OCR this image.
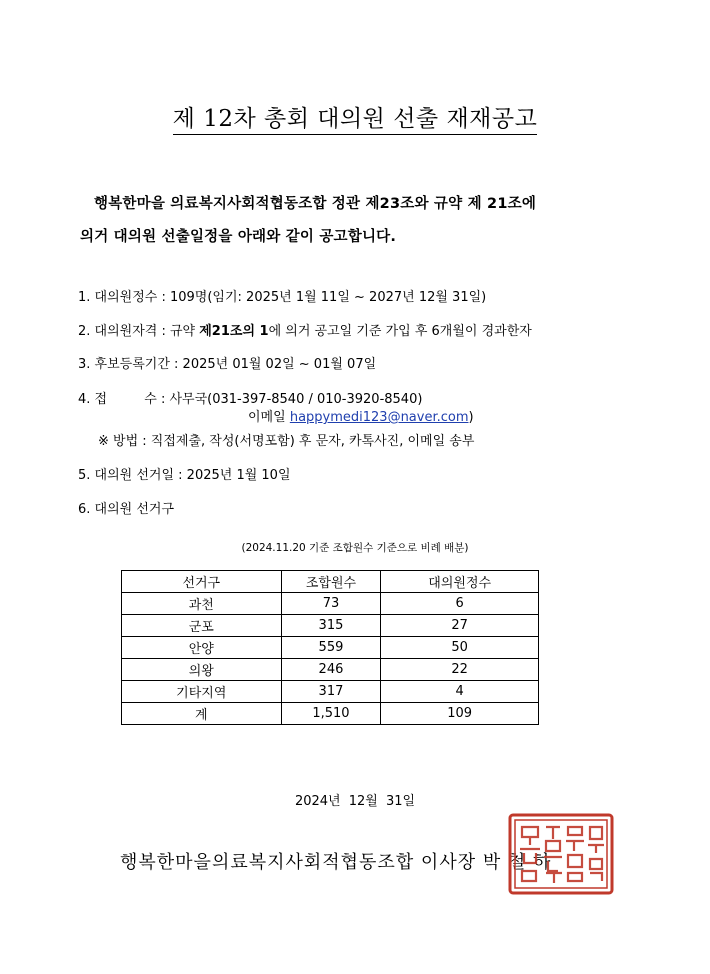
제 12차 총회 대의원 선출 재재공고
행복한마을 의료복지사회적협동조합 정관 제23조와 규약 제 21조에
의거 대의원 선출일정을 아래와 같이 공고합니다.
1. 대의원정수 : 109명(임기: 2025년 1월 11일 ~ 2027년 12월 31일)
2. 대의원자격 : 규약 제21조의 1에 의거 공고일 기준 가입 후 6개월이 경과한자
3. 후보등록기간 : 2025년 01월 02일 ~ 01월 07일
4. 접         수 : 사무국(031-397-8540 / 010-3920-8540)
이메일 happymedi123@naver.com)
※ 방법 : 직접제출, 작성(서명포함) 후 문자, 카톡사진, 이메일 송부
5. 대의원 선거일 : 2025년 1월 10일
6. 대의원 선거구
(2024.11.20 기준 조합원수 기준으로 비례 배분)
선거구	조합원수	대의원정수
과천	73	6
군포	315	27
안양	559	50
의왕	246	22
기타지역	317	4
계	1,510	109
2024년 12월 31일
행복한마을의료복지사회적협동조합 이사장 박 철 하
